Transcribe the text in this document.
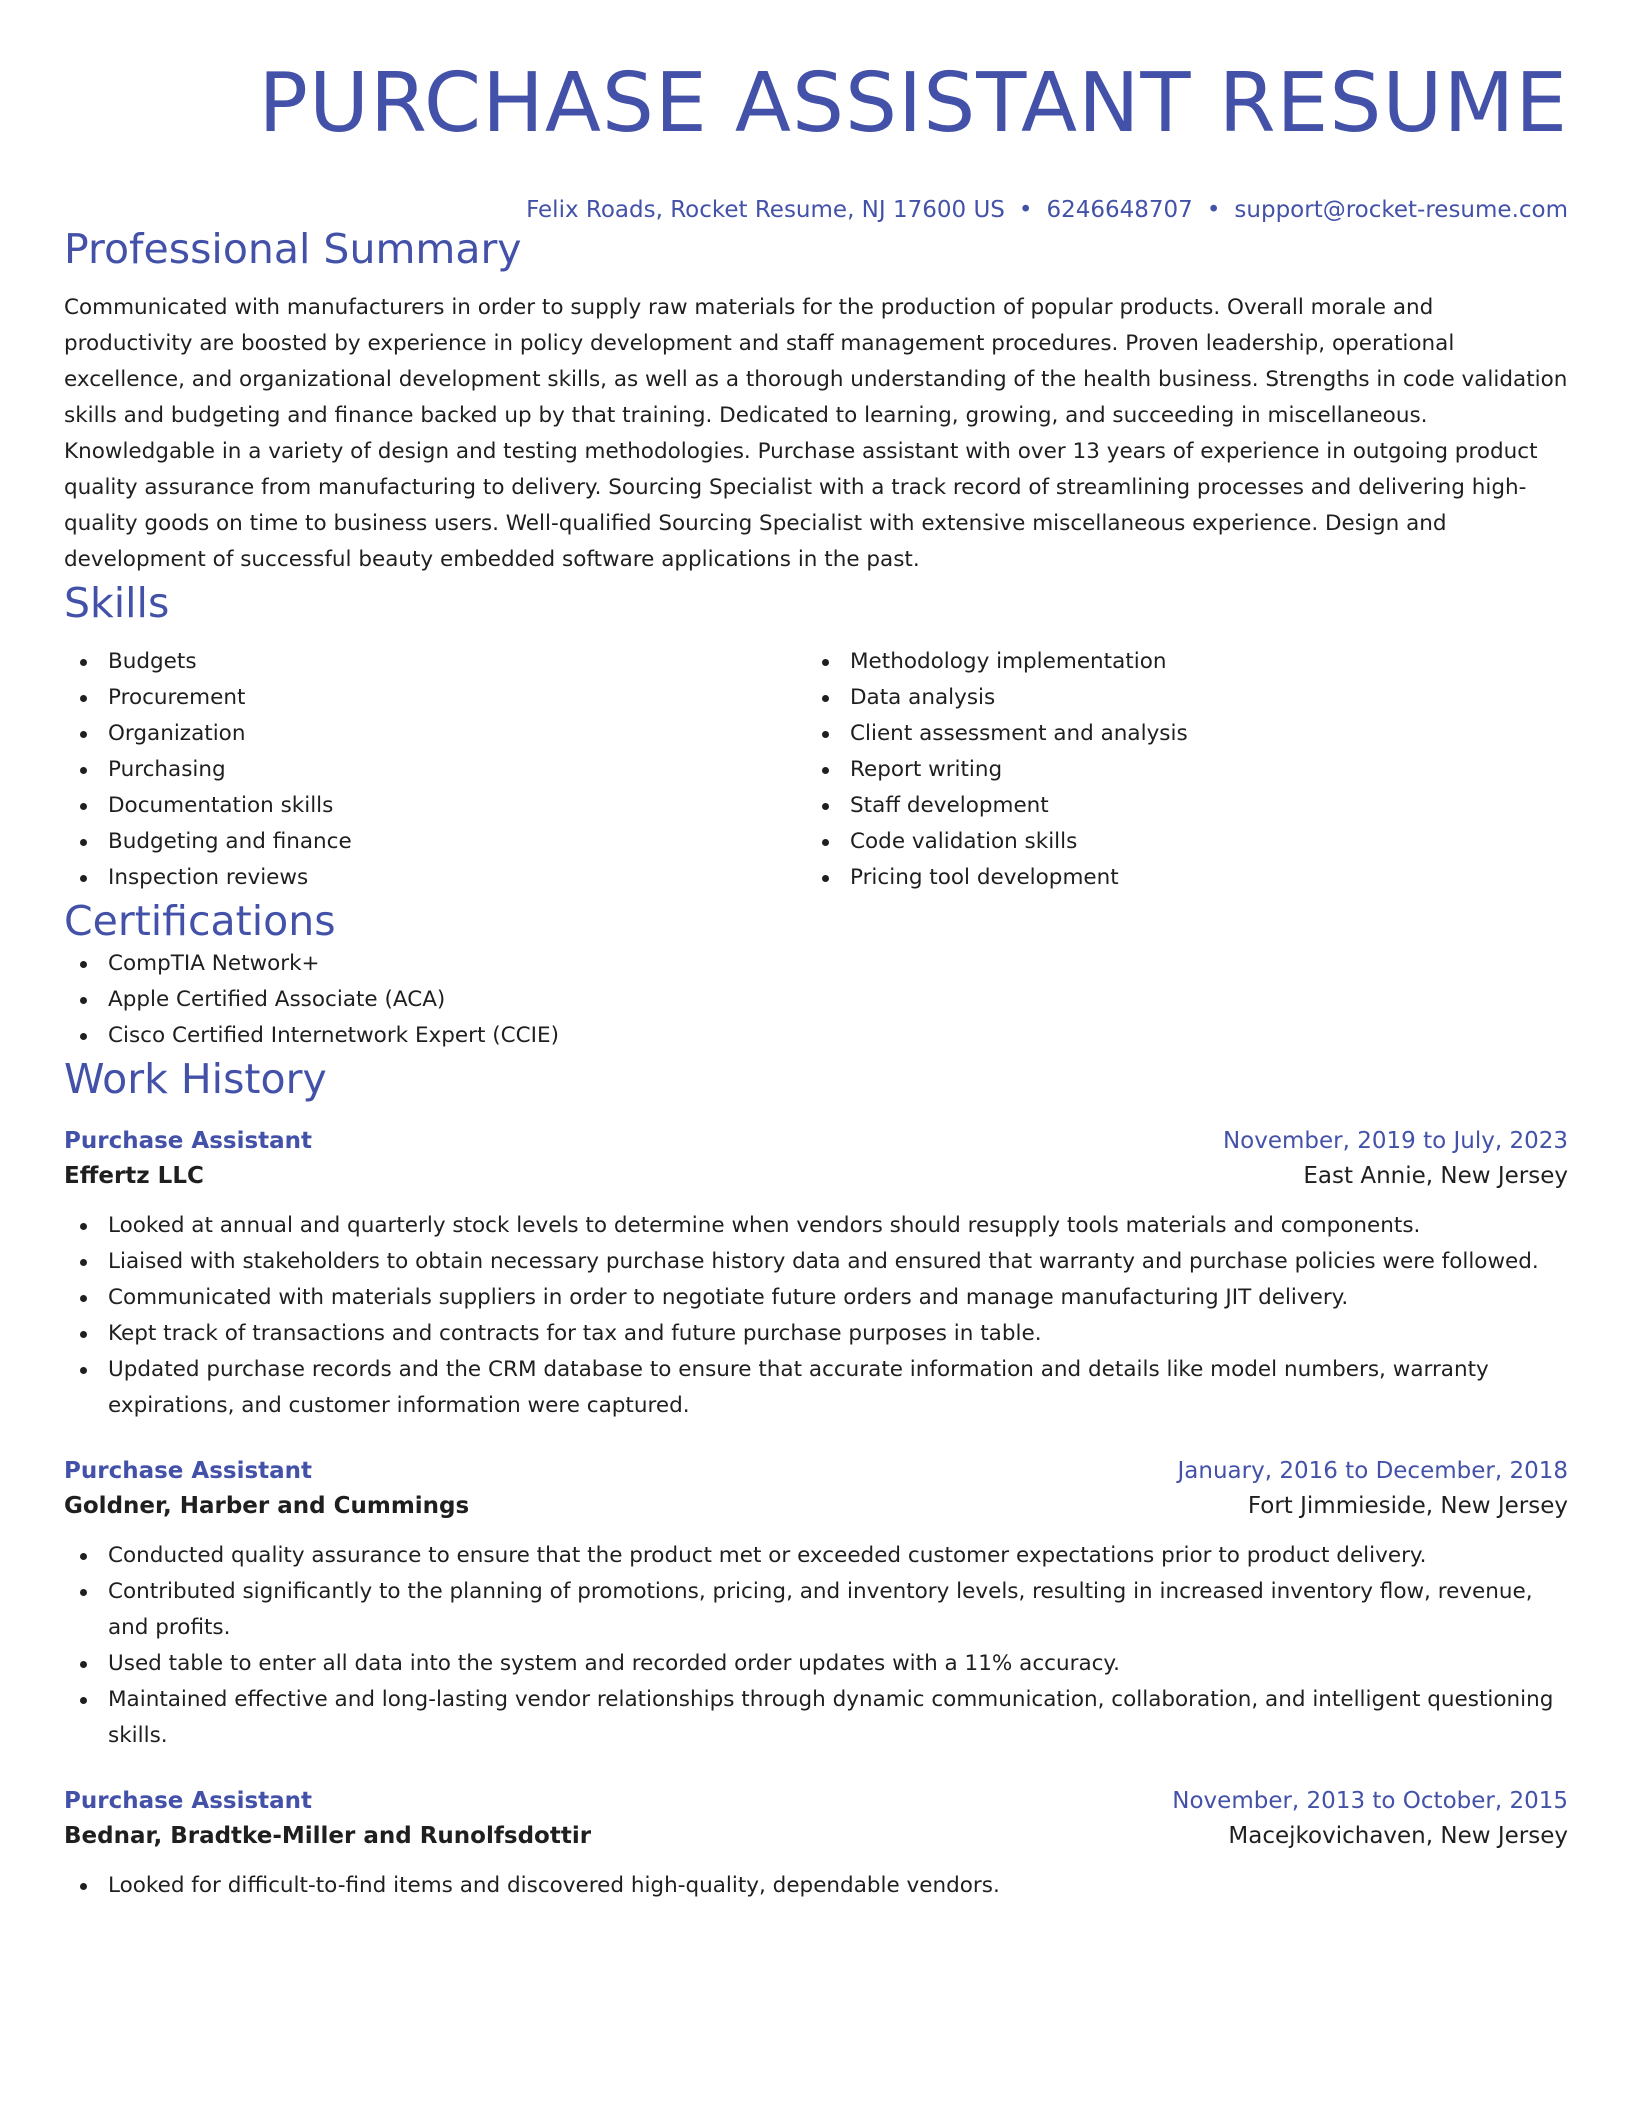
PURCHASE ASSISTANT RESUME
Felix Roads, Rocket Resume, NJ 17600 US • 6246648707 • support@rocket-resume.com
Professional Summary

Communicated with manufacturers in order to supply raw materials for the production of popular products. Overall morale and productivity are boosted by experience in policy development and staff management procedures. Proven leadership, operational excellence, and organizational development skills, as well as a thorough understanding of the health business. Strengths in code validation skills and budgeting and finance backed up by that training. Dedicated to learning, growing, and succeeding in miscellaneous. Knowledgable in a variety of design and testing methodologies. Purchase assistant with over 13 years of experience in outgoing product quality assurance from manufacturing to delivery. Sourcing Specialist with a track record of streamlining processes and delivering high-quality goods on time to business users. Well-qualified Sourcing Specialist with extensive miscellaneous experience. Design and development of successful beauty embedded software applications in the past.

Skills
Budgets
Procurement
Organization
Purchasing
Documentation skills
Budgeting and finance
Inspection reviews
Methodology implementation
Data analysis
Client assessment and analysis
Report writing
Staff development
Code validation skills
Pricing tool development
Certifications
CompTIA Network+
Apple Certified Associate (ACA)
Cisco Certified Internetwork Expert (CCIE)
Work History
Purchase Assistant	November, 2019 to July, 2023
Effertz LLC	East Annie, New Jersey
Looked at annual and quarterly stock levels to determine when vendors should resupply tools materials and components.
Liaised with stakeholders to obtain necessary purchase history data and ensured that warranty and purchase policies were followed.
Communicated with materials suppliers in order to negotiate future orders and manage manufacturing JIT delivery.
Kept track of transactions and contracts for tax and future purchase purposes in table.
Updated purchase records and the CRM database to ensure that accurate information and details like model numbers, warranty expirations, and customer information were captured.
Purchase Assistant	January, 2016 to December, 2018
Goldner, Harber and Cummings	Fort Jimmieside, New Jersey
Conducted quality assurance to ensure that the product met or exceeded customer expectations prior to product delivery.
Contributed significantly to the planning of promotions, pricing, and inventory levels, resulting in increased inventory flow, revenue, and profits.
Used table to enter all data into the system and recorded order updates with a 11% accuracy.
Maintained effective and long-lasting vendor relationships through dynamic communication, collaboration, and intelligent questioning skills.
Purchase Assistant	November, 2013 to October, 2015
Bednar, Bradtke-Miller and Runolfsdottir	Macejkovichaven, New Jersey
Looked for difficult-to-find items and discovered high-quality, dependable vendors.
